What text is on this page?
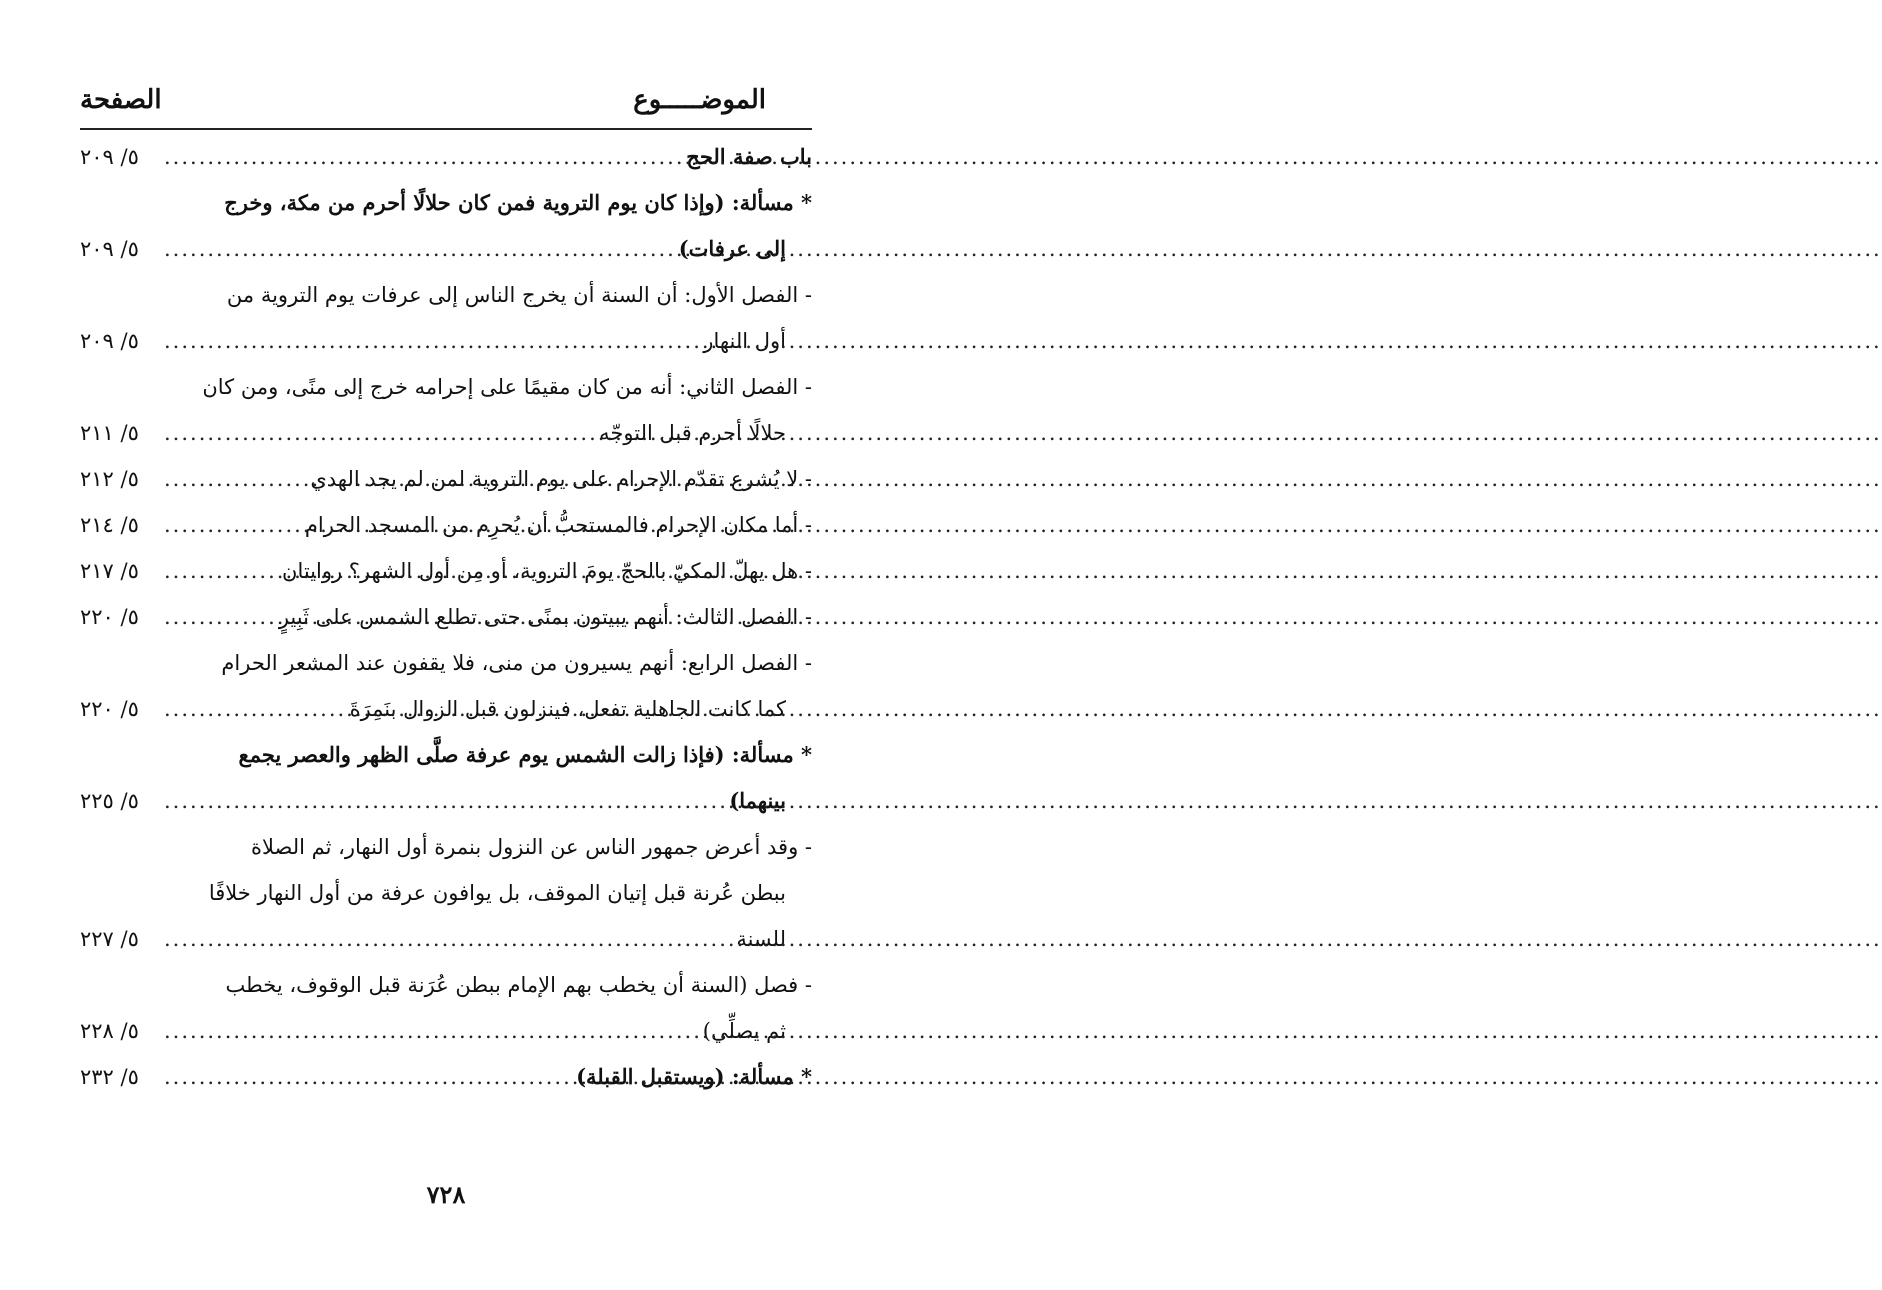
الموضـــــوع
الصفحة
باب صفة الحج
.....
٥/ ٢٠٩
* مسألة: (وإذا كان يوم التروية فمن كان حلالًا أحرم من مكة، وخرج
إلى عرفات)
.....
٥/ ٢٠٩
- الفصل الأول: أن السنة أن يخرج الناس إلى عرفات يوم التروية من
أول النهار
.....
٥/ ٢٠٩
- الفصل الثاني: أنه من كان مقيمًا على إحرامه خرج إلى منًى، ومن كان
حلالًا أحرم قبل التوجّه
.....
٥/ ٢١١
- لا يُشرع تقدّم الإحرام على يوم التروية لمن لم يجد الهدي
.....
٥/ ٢١٢
- أما مكان الإحرام فالمستحبُّ أن يُحرِم من المسجد الحرام
.....
٥/ ٢١٤
- هل يهلّ المكيّ بالحجّ يومَ التروية، أو مِن أول الشهر؟ روايتان
.....
٥/ ٢١٧
- الفصل الثالث: أنهم يبيتون بمنًى حتى تطلع الشمس على ثَبِيرٍ
.....
٥/ ٢٢٠
- الفصل الرابع: أنهم يسيرون من منى، فلا يقفون عند المشعر الحرام
كما كانت الجاهلية تفعل، فينزلون قبل الزوال بنَمِرَةَ
.....
٥/ ٢٢٠
* مسألة: (فإذا زالت الشمس يوم عرفة صلَّى الظهر والعصر يجمع
بينهما)
.....
٥/ ٢٢٥
- وقد أعرض جمهور الناس عن النزول بنمرة أول النهار، ثم الصلاة
ببطن عُرنة قبل إتيان الموقف، بل يوافون عرفة من أول النهار خلافًا
للسنة
.....
٥/ ٢٢٧
- فصل (السنة أن يخطب بهم الإمام ببطن عُرَنة قبل الوقوف، يخطب
ثم يصلِّي)
.....
٥/ ٢٢٨
* مسألة: (ويستقبل القبلة)
.....
٥/ ٢٣٢
٧٢٨
